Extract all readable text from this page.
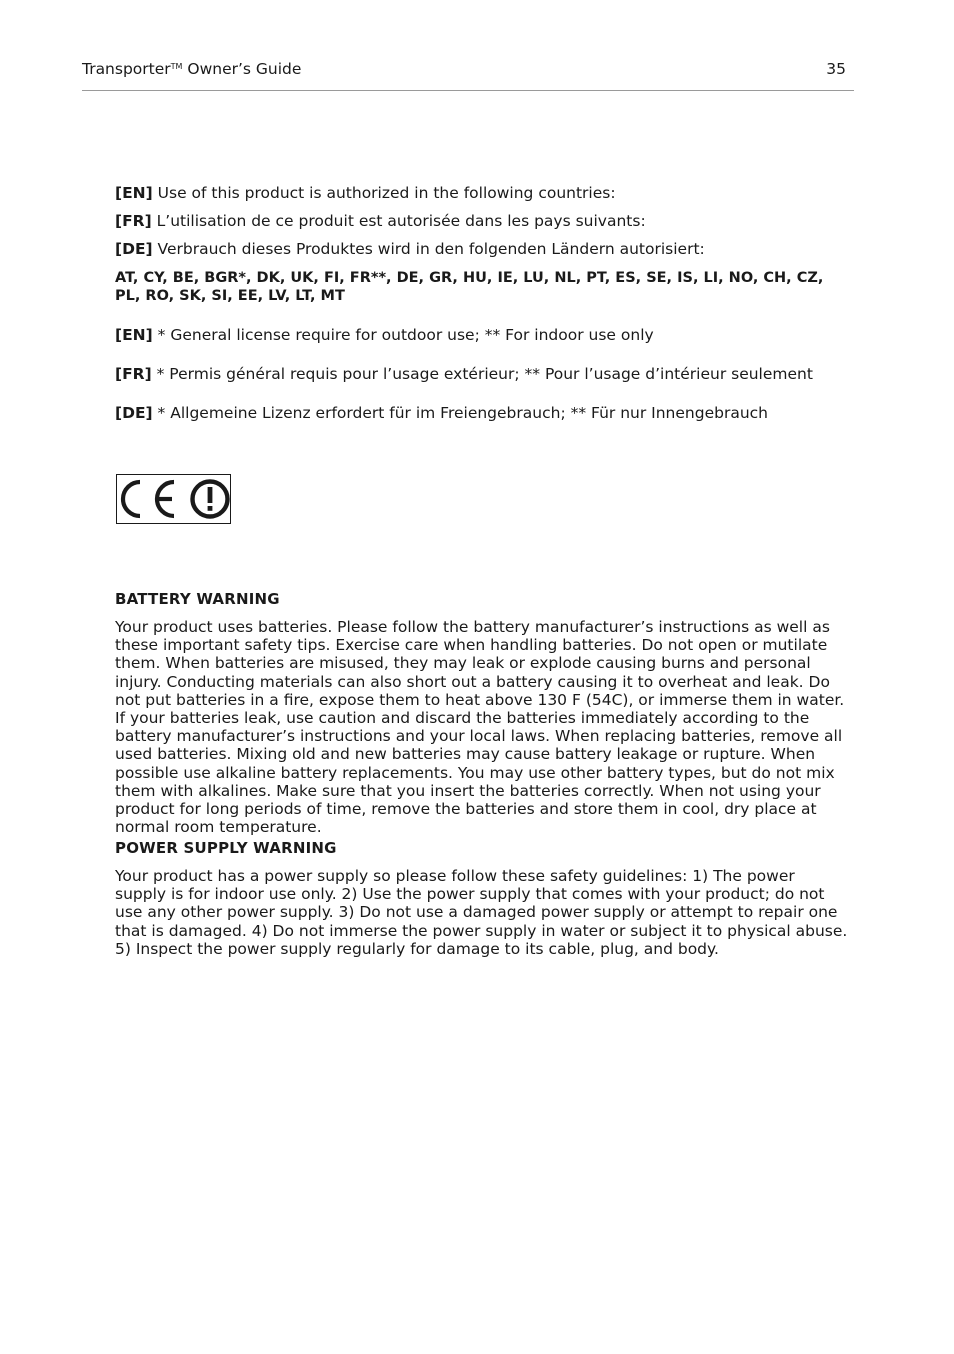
Transporter™ Owner’s Guide	35

[EN] Use of this product is authorized in the following countries:

[FR] L’utilisation de ce produit est autorisée dans les pays suivants:

[DE] Verbrauch dieses Produktes wird in den folgenden Ländern autorisiert:

AT, CY, BE, BGR*, DK, UK, FI, FR**, DE, GR, HU, IE, LU, NL, PT, ES, SE, IS, LI, NO, CH, CZ, PL, RO, SK, SI, EE, LV, LT, MT

[EN] * General license require for outdoor use; ** For indoor use only

[FR] * Permis général requis pour l’usage extérieur; ** Pour l’usage d’intérieur seulement

[DE] * Allgemeine Lizenz erfordert für im Freiengebrauch; ** Für nur Innengebrauch

BATTERY WARNING

Your product uses batteries. Please follow the battery manufacturer’s instructions as well as these important safety tips. Exercise care when handling batteries. Do not open or mutilate them. When batteries are misused, they may leak or explode causing burns and personal injury. Conducting materials can also short out a battery causing it to overheat and leak. Do not put batteries in a fire, expose them to heat above 130 F (54C), or immerse them in water. If your batteries leak, use caution and discard the batteries immediately according to the battery manufacturer’s instructions and your local laws. When replacing batteries, remove all used batteries. Mixing old and new batteries may cause battery leakage or rupture. When possible use alkaline battery replacements. You may use other battery types, but do not mix them with alkalines. Make sure that you insert the batteries correctly. When not using your product for long periods of time, remove the batteries and store them in cool, dry place at normal room temperature.

POWER SUPPLY WARNING

Your product has a power supply so please follow these safety guidelines: 1) The power supply is for indoor use only. 2) Use the power supply that comes with your product; do not use any other power supply. 3) Do not use a damaged power supply or attempt to repair one that is damaged. 4) Do not immerse the power supply in water or subject it to physical abuse. 5) Inspect the power supply regularly for damage to its cable, plug, and body.
